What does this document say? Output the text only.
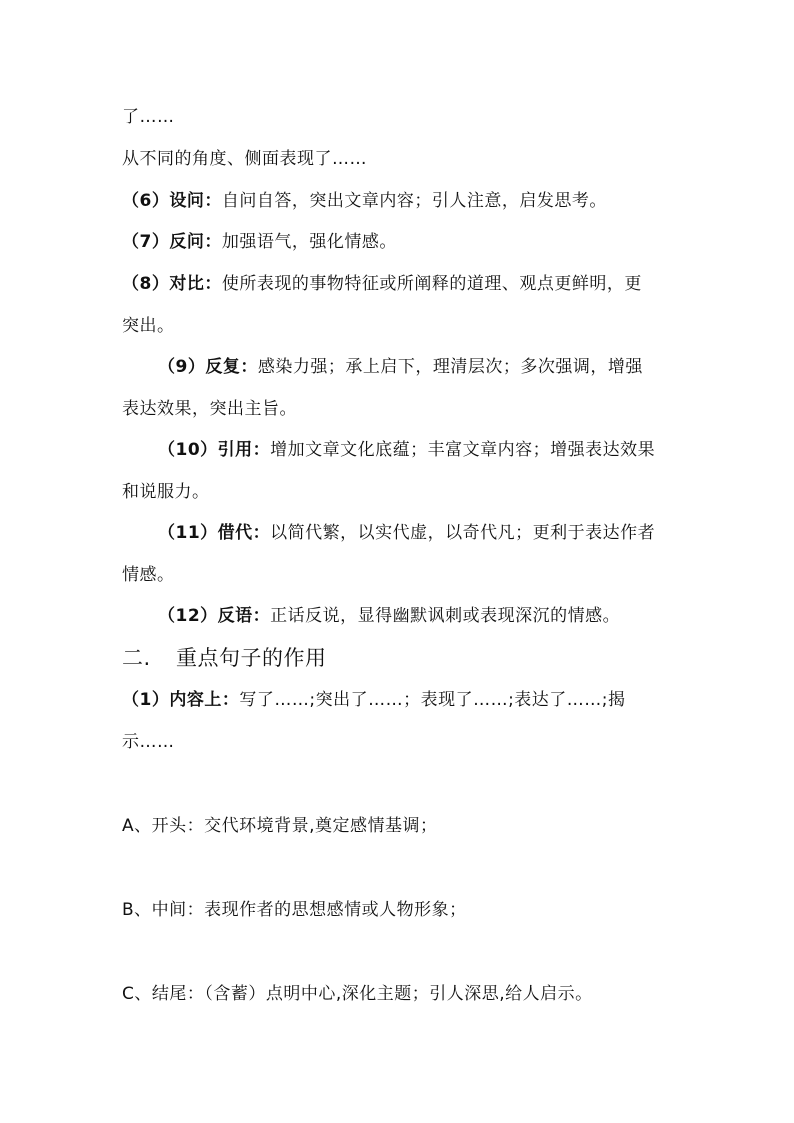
了……
从不同的角度、侧面表现了……
（6）设问：自问自答，突出文章内容；引人注意，启发思考。
（7）反问：加强语气，强化情感。
（8）对比：使所表现的事物特征或所阐释的道理、观点更鲜明，更
突出。
（9）反复：感染力强；承上启下，理清层次；多次强调，增强
表达效果，突出主旨。
（10）引用：增加文章文化底蕴；丰富文章内容；增强表达效果
和说服力。
（11）借代：以简代繁，以实代虚，以奇代凡；更利于表达作者
情感。
（12）反语：正话反说，显得幽默讽刺或表现深沉的情感。
二. 重点句子的作用
（1）内容上：写了……;突出了……；表现了……;表达了……;揭
示……
A、开头：交代环境背景,奠定感情基调；
B、中间：表现作者的思想感情或人物形象；
C、结尾：（含蓄）点明中心,深化主题；引人深思,给人启示。
